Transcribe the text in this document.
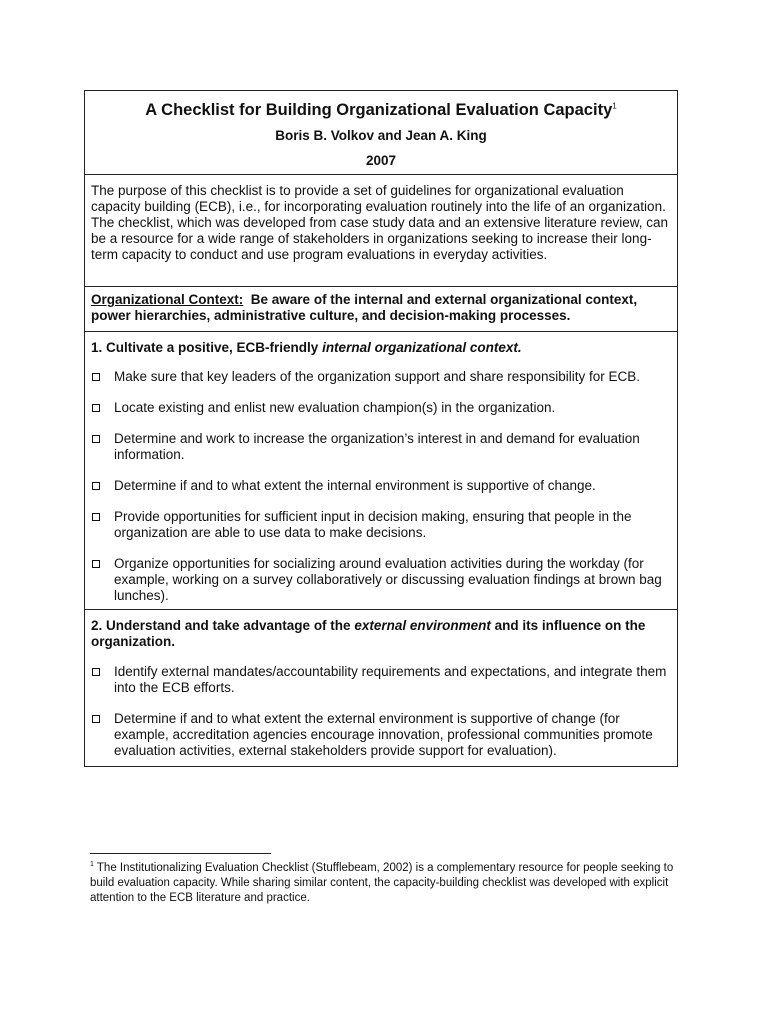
A Checklist for Building Organizational Evaluation Capacity$^1$
Boris B. Volkov and Jean A. King
2007
The purpose of this checklist is to provide a set of guidelines for organizational evaluation capacity building (ECB), i.e., for incorporating evaluation routinely into the life of an organization. The checklist, which was developed from case study data and an extensive literature review, can be a resource for a wide range of stakeholders in organizations seeking to increase their long-term capacity to conduct and use program evaluations in everyday activities.
Organizational Context: Be aware of the internal and external organizational context, power hierarchies, administrative culture, and decision-making processes.
1. Cultivate a positive, ECB-friendly internal organizational context.
Make sure that key leaders of the organization support and share responsibility for ECB.
Locate existing and enlist new evaluation champion(s) in the organization.
Determine and work to increase the organization’s interest in and demand for evaluation information.
Determine if and to what extent the internal environment is supportive of change.
Provide opportunities for sufficient input in decision making, ensuring that people in the organization are able to use data to make decisions.
Organize opportunities for socializing around evaluation activities during the workday (for example, working on a survey collaboratively or discussing evaluation findings at brown bag lunches).
2. Understand and take advantage of the external environment and its influence on the organization.
Identify external mandates/accountability requirements and expectations, and integrate them into the ECB efforts.
Determine if and to what extent the external environment is supportive of change (for example, accreditation agencies encourage innovation, professional communities promote evaluation activities, external stakeholders provide support for evaluation).
$^1$ The Institutionalizing Evaluation Checklist (Stufflebeam, 2002) is a complementary resource for people seeking to build evaluation capacity. While sharing similar content, the capacity-building checklist was developed with explicit attention to the ECB literature and practice.
